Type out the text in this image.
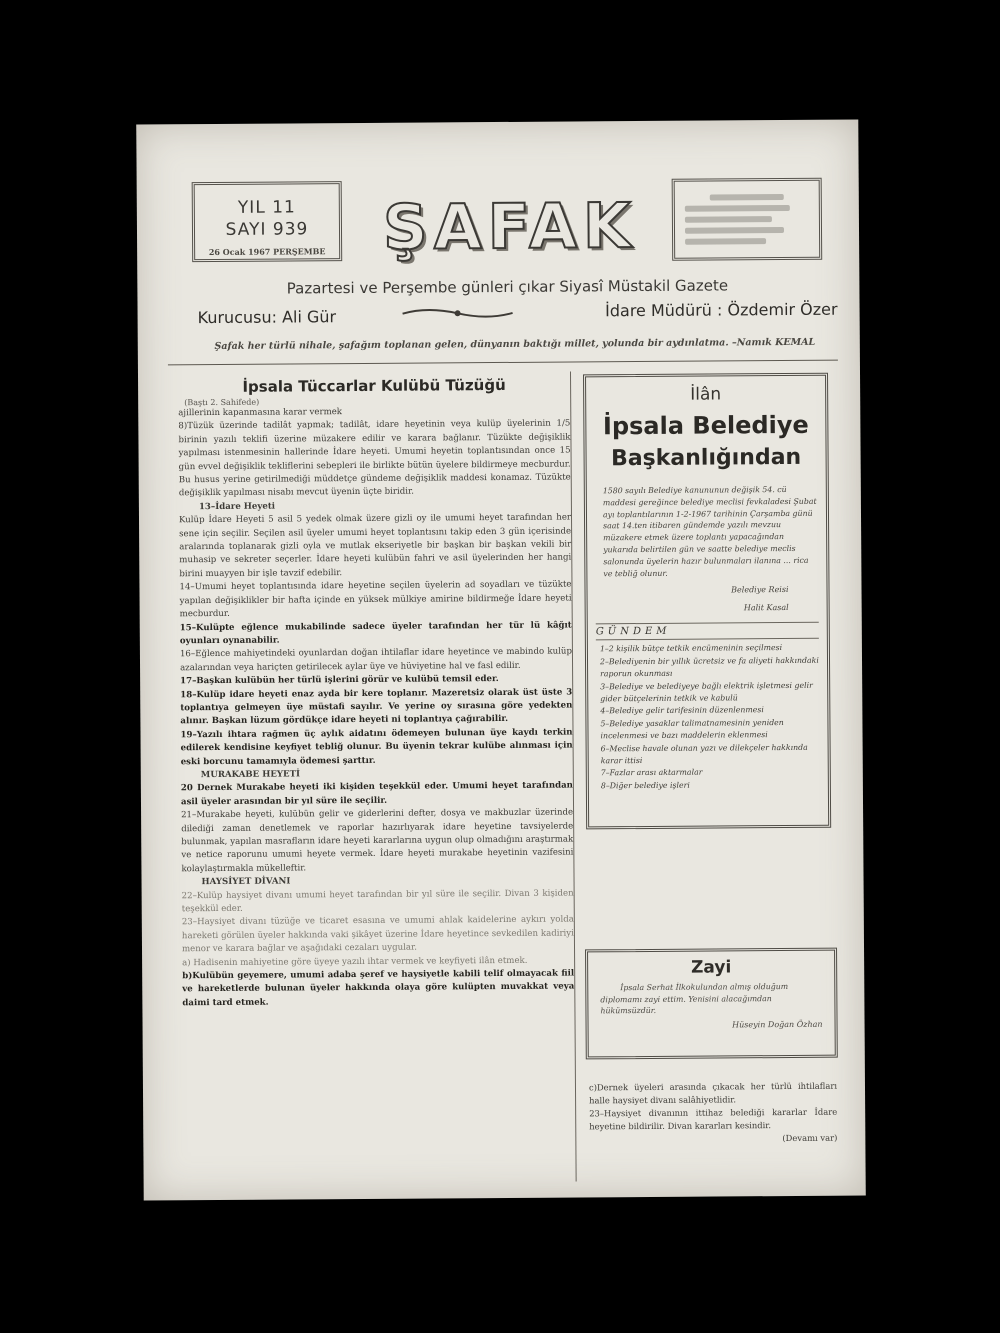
YIL 11
SAYI 939
26 Ocak 1967 PERŞEMBE ŞAFAK
Pazartesi ve Perşembe günleri çıkar Siyasî Müstakil Gazete
Kurucusu: Ali Gür	İdare Müdürü : Özdemir Özer
Şafak her türlü nihale, şafağım toplanan gelen, dünyanın baktığı millet, yolunda bir aydınlatma. –Namık KEMAL
İpsala Tüccarlar Kulübü Tüzüğü
(Baştı 2. Sahifede)

ajillerinin kapanmasına karar vermek

8)Tüzük üzerinde tadilât yapmak; tadilât, idare heyetinin veya kulüp üyelerinin 1/5 birinin yazılı teklifi üzerine müzakere edilir ve karara bağlanır. Tüzükte değişiklik yapılması istenmesinin hallerinde İdare heyeti. Umumi heyetin toplantısından once 15 gün evvel değişiklik tekliflerini sebepleri ile birlikte bütün üyelere bildirmeye mecburdur. Bu husus yerine getirilmediği müddetçe gündeme değişiklik maddesi konamaz. Tüzükte değişiklik yapılması nisabı mevcut üyenin üçte biridir.

13–İdare Heyeti

Kulüp İdare Heyeti 5 asil 5 yedek olmak üzere gizli oy ile umumi heyet tarafından her sene için seçilir. Seçilen asil üyeler umumi heyet toplantısını takip eden 3 gün içerisinde aralarında toplanarak gizli oyla ve mutlak ekseriyetle bir başkan bir başkan vekili bir muhasip ve sekreter seçerler. İdare heyeti kulübün fahri ve asil üyelerinden her hangi birini muayyen bir işle tavzif edebilir.

14–Umumi heyet toplantısında idare heyetine seçilen üyelerin ad soyadları ve tüzükte yapılan değişiklikler bir hafta içinde en yüksek mülkiye amirine bildirmeğe İdare heyeti mecburdur.

15–Kulüpte eğlence mukabilinde sadece üyeler tarafından her tür lü kâğıt oyunları oynanabilir.

16–Eğlence mahiyetindeki oyunlardan doğan ihtilaflar idare heyetince ve mabindo kulüp azalarından veya hariçten getirilecek aylar üye ve hüviyetine hal ve fasl edilir.

17–Başkan kulübün her türlü işlerini görür ve kulübü temsil eder.

18–Kulüp idare heyeti enaz ayda bir kere toplanır. Mazeretsiz olarak üst üste 3 toplantıya gelmeyen üye müstafi sayılır. Ve yerine oy sırasına göre yedekten alınır. Başkan lüzum gördükçe idare heyeti ni toplantıya çağırabilir.

19–Yazılı ihtara rağmen üç aylık aidatını ödemeyen bulunan üye kaydı terkin edilerek kendisine keyfiyet tebliğ olunur. Bu üyenin tekrar kulübe alınması için eski borcunu tamamıyla ödemesi şarttır.

MURAKABE HEYETİ

20 Dernek Murakabe heyeti iki kişiden teşekkül eder. Umumi heyet tarafından asil üyeler arasından bir yıl süre ile seçilir.

21–Murakabe heyeti, kulübün gelir ve giderlerini defter, dosya ve makbuzlar üzerinde dilediği zaman denetlemek ve raporlar hazırlıyarak idare heyetine tavsiyelerde bulunmak, yapılan masrafların idare heyeti kararlarına uygun olup olmadığını araştırmak ve netice raporunu umumi heyete vermek. İdare heyeti murakabe heyetinin vazifesini kolaylaştırmakla mükelleftir.

HAYSİYET DİVANI

22–Kulüp haysiyet divanı umumi heyet tarafından bir yıl süre ile seçilir. Divan 3 kişiden teşekkül eder.

23–Haysiyet divanı tüzüğe ve ticaret esasına ve umumi ahlak kaidelerine aykırı yolda hareketi görülen üyeler hakkında vaki şikâyet üzerine İdare heyetince sevkedilen kadiriyi menor ve karara bağlar ve aşağıdaki cezaları uygular.

a) Hadisenin mahiyetine göre üyeye yazılı ihtar vermek ve keyfiyeti ilân etmek.

b)Kulübün geyemere, umumi adaba şeref ve haysiyetle kabili telif olmayacak fiil ve hareketlerde bulunan üyeler hakkında olaya göre kulüpten muvakkat veya daimi tard etmek.

İlân
İpsala Belediye
Başkanlığından
1580 sayılı Belediye kanununun değişik 54. cü maddesi gereğince belediye meclisi fevkaladesi Şubat ayı toplantılarının 1-2-1967 tarihinin Çarşamba günü saat 14.ten itibaren gündemde yazılı mevzuu müzakere etmek üzere toplantı yapacağından yukarıda belirtilen gün ve saatte belediye meclis salonunda üyelerin hazır bulunmaları ilanına ... rica ve tebliğ olunur.
Belediye Reisi
Halit Kasal
GÜNDEM
1–2 kişilik bütçe tetkik encümeninin seçilmesi
2–Belediyenin bir yıllık ücretsiz ve fa aliyeti hakkındaki raporun okunması
3–Belediye ve belediyeye bağlı elektrik işletmesi gelir gider bütçelerinin tetkik ve kabulü
4–Belediye gelir tarifesinin düzenlenmesi
5–Belediye yasaklar talimatnamesinin yeniden incelenmesi ve bazı maddelerin eklenmesi
6–Meclise havale olunan yazı ve dilekçeler hakkında karar ittisi
7–Fazlar arası aktarmalar
8–Diğer belediye işleri
Zayi
İpsala Serhat İlkokulundan almış olduğum diplomamı zayi ettim. Yenisini alacağımdan hükümsüzdür.
Hüseyin Doğan Özhan

c)Dernek üyeleri arasında çıkacak her türlü ihtilafları halle haysiyet divanı salâhiyetlidir.

23–Haysiyet divanının ittihaz belediği kararlar İdare heyetine bildirilir. Divan kararları kesindir.

(Devamı var)
